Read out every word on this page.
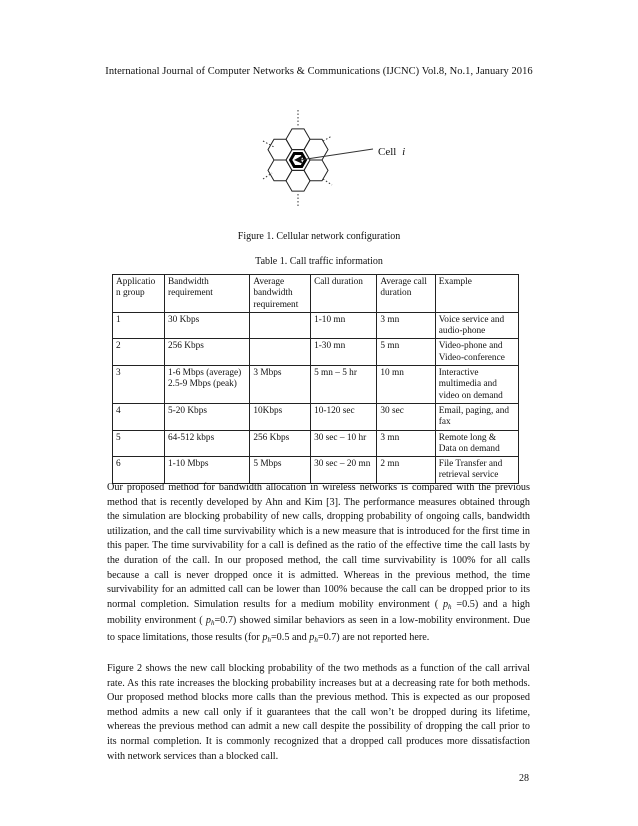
International Journal of Computer Networks & Communications (IJCNC) Vol.8, No.1, January 2016
Cell i
Figure 1. Cellular network configuration
Table 1. Call traffic information
Applicatio n group	Bandwidth requirement	Average bandwidth requirement	Call duration	Average call duration	Example
1	30 Kbps		1-10 mn	3 mn	Voice service and audio-phone
2	256 Kbps		1-30 mn	5 mn	Video-phone and Video-conference
3	1-6 Mbps (average) 2.5-9 Mbps (peak)	3 Mbps	5 mn – 5 hr	10 mn	Interactive multimedia and video on demand
4	5-20 Kbps	10Kbps	10-120 sec	30 sec	Email, paging, and fax
5	64-512 kbps	256 Kbps	30 sec – 10 hr	3 mn	Remote long & Data on demand
6	1-10 Mbps	5 Mbps	30 sec – 20 mn	2 mn	File Transfer and retrieval service
Our proposed method for bandwidth allocation in wireless networks is compared with the previous method that is recently developed by Ahn and Kim [3]. The performance measures obtained through the simulation are blocking probability of new calls, dropping probability of ongoing calls, bandwidth utilization, and the call time survivability which is a new measure that is introduced for the first time in this paper. The time survivability for a call is defined as the ratio of the effective time the call lasts by the duration of the call. In our proposed method, the call time survivability is 100% for all calls because a call is never dropped once it is admitted. Whereas in the previous method, the time survivability for an admitted call can be lower than 100% because the call can be dropped prior to its normal completion. Simulation results for a medium mobility environment ( $p_h =0.5$) and a high mobility environment ( $p_h=0.7$) showed similar behaviors as seen in a low-mobility environment. Due to space limitations, those results (for $p_h=0.5$ and $p_h=0.7$) are not reported here.
Figure 2 shows the new call blocking probability of the two methods as a function of the call arrival rate. As this rate increases the blocking probability increases but at a decreasing rate for both methods. Our proposed method blocks more calls than the previous method. This is expected as our proposed method admits a new call only if it guarantees that the call won’t be dropped during its lifetime, whereas the previous method can admit a new call despite the possibility of dropping the call prior to its normal completion. It is commonly recognized that a dropped call produces more dissatisfaction with network services than a blocked call.
28
